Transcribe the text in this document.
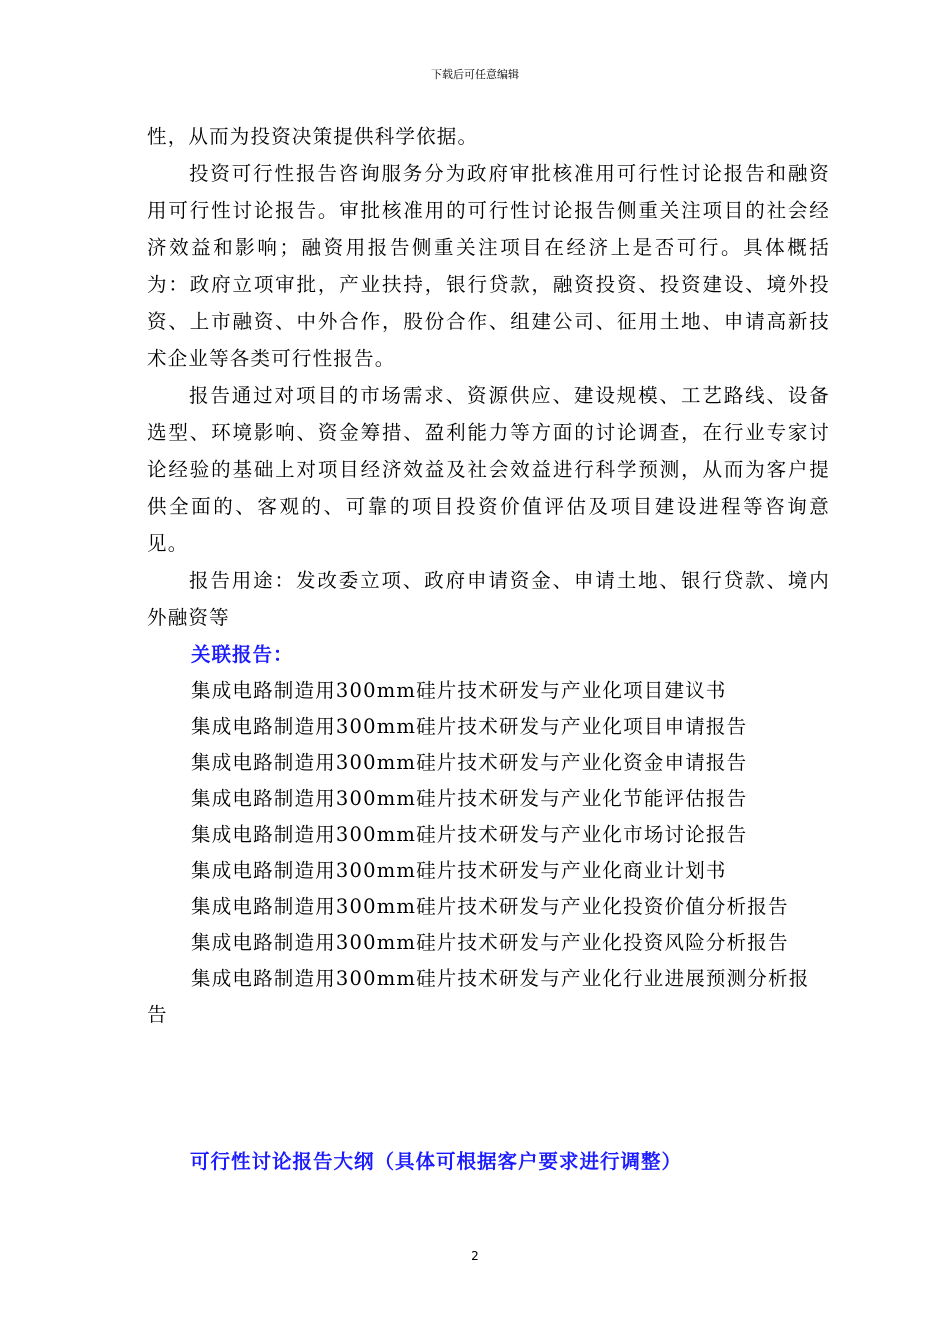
下载后可任意编辑

性，从而为投资决策提供科学依据。

投资可行性报告咨询服务分为政府审批核准用可行性讨论报告和融资用可行性讨论报告。审批核准用的可行性讨论报告侧重关注项目的社会经济效益和影响；融资用报告侧重关注项目在经济上是否可行。具体概括为：政府立项审批，产业扶持，银行贷款，融资投资、投资建设、境外投资、上市融资、中外合作，股份合作、组建公司、征用土地、申请高新技术企业等各类可行性报告。

报告通过对项目的市场需求、资源供应、建设规模、工艺路线、设备选型、环境影响、资金筹措、盈利能力等方面的讨论调查，在行业专家讨论经验的基础上对项目经济效益及社会效益进行科学预测，从而为客户提供全面的、客观的、可靠的项目投资价值评估及项目建设进程等咨询意见。

报告用途：发改委立项、政府申请资金、申请土地、银行贷款、境内外融资等

关联报告：

集成电路制造用300mm硅片技术研发与产业化项目建议书
集成电路制造用300mm硅片技术研发与产业化项目申请报告
集成电路制造用300mm硅片技术研发与产业化资金申请报告
集成电路制造用300mm硅片技术研发与产业化节能评估报告
集成电路制造用300mm硅片技术研发与产业化市场讨论报告
集成电路制造用300mm硅片技术研发与产业化商业计划书
集成电路制造用300mm硅片技术研发与产业化投资价值分析报告
集成电路制造用300mm硅片技术研发与产业化投资风险分析报告
集成电路制造用300mm硅片技术研发与产业化行业进展预测分析报告
可行性讨论报告大纲（具体可根据客户要求进行调整）
2
